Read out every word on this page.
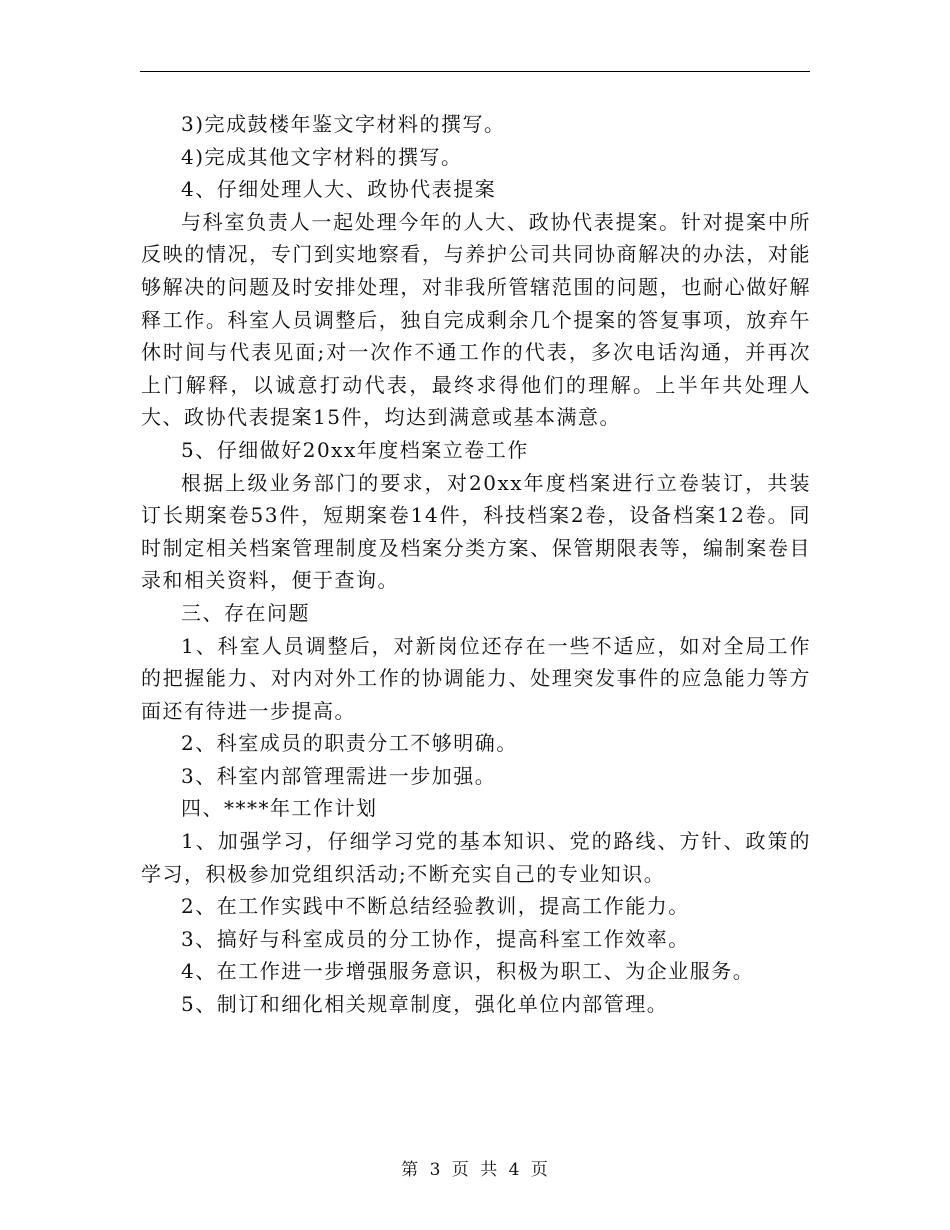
3)完成鼓楼年鉴文字材料的撰写。

4)完成其他文字材料的撰写。

4、仔细处理人大、政协代表提案

与科室负责人一起处理今年的人大、政协代表提案。针对提案中所反映的情况，专门到实地察看，与养护公司共同协商解决的办法，对能够解决的问题及时安排处理，对非我所管辖范围的问题，也耐心做好解释工作。科室人员调整后，独自完成剩余几个提案的答复事项，放弃午休时间与代表见面;对一次作不通工作的代表，多次电话沟通，并再次上门解释，以诚意打动代表，最终求得他们的理解。上半年共处理人大、政协代表提案15件，均达到满意或基本满意。

5、仔细做好20xx年度档案立卷工作

根据上级业务部门的要求，对20xx年度档案进行立卷装订，共装订长期案卷53件，短期案卷14件，科技档案2卷，设备档案12卷。同时制定相关档案管理制度及档案分类方案、保管期限表等，编制案卷目录和相关资料，便于查询。

三、存在问题

1、科室人员调整后，对新岗位还存在一些不适应，如对全局工作的把握能力、对内对外工作的协调能力、处理突发事件的应急能力等方面还有待进一步提高。

2、科室成员的职责分工不够明确。

3、科室内部管理需进一步加强。

四、****年工作计划

1、加强学习，仔细学习党的基本知识、党的路线、方针、政策的学习，积极参加党组织活动;不断充实自己的专业知识。

2、在工作实践中不断总结经验教训，提高工作能力。

3、搞好与科室成员的分工协作，提高科室工作效率。

4、在工作进一步增强服务意识，积极为职工、为企业服务。

5、制订和细化相关规章制度，强化单位内部管理。

第 3 页 共 4 页
